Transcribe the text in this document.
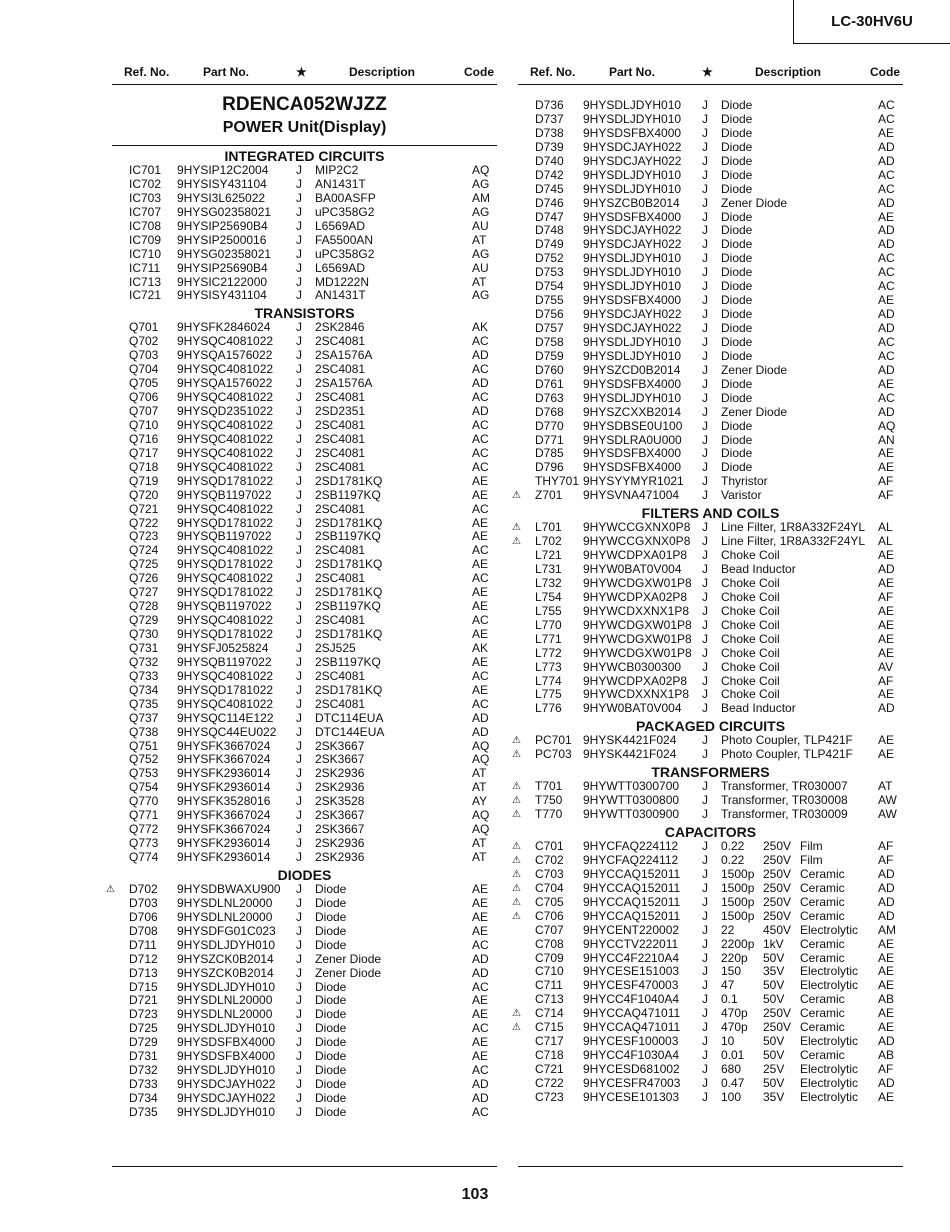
LC-30HV6U
Ref. No.	Part No.	★	Description	Code
RDENCA052WJZZ
POWER Unit(Display)
INTEGRATED CIRCUITS
IC701 9HYSIP12C2004 J MIP2C2	AQ
IC702 9HYSISY431104 J AN1431T	AG
IC703 9HYSI3L625022	J BA00ASFP	AM
IC707 9HYSG02358021 J uPC358G2	AG
IC708 9HYSIP25690B4 J L6569AD	AU
IC709 9HYSIP2500016 J FA5500AN	AT
IC710 9HYSG02358021 J uPC358G2	AG
IC711 9HYSIP25690B4 J L6569AD	AU
IC713 9HYSIC2122000 J MD1222N	AT
IC721 9HYSISY431104 J AN1431T	AG
TRANSISTORS
Q701 9HYSFK2846024 J 2SK2846	AK
Q702 9HYSQC4081022 J 2SC4081	AC
Q703 9HYSQA1576022 J 2SA1576A	AD
Q704 9HYSQC4081022 J 2SC4081	AC
Q705 9HYSQA1576022 J 2SA1576A	AD
Q706 9HYSQC4081022 J 2SC4081	AC
Q707 9HYSQD2351022 J 2SD2351	AD
Q710 9HYSQC4081022 J 2SC4081	AC
Q716 9HYSQC4081022 J 2SC4081	AC
Q717 9HYSQC4081022 J 2SC4081	AC
Q718 9HYSQC4081022 J 2SC4081	AC
Q719 9HYSQD1781022 J 2SD1781KQ	AE
Q720 9HYSQB1197022 J 2SB1197KQ	AE
Q721 9HYSQC4081022 J 2SC4081	AC
Q722 9HYSQD1781022 J 2SD1781KQ	AE
Q723 9HYSQB1197022 J 2SB1197KQ	AE
Q724 9HYSQC4081022 J 2SC4081	AC
Q725 9HYSQD1781022 J 2SD1781KQ	AE
Q726 9HYSQC4081022 J 2SC4081	AC
Q727 9HYSQD1781022 J 2SD1781KQ	AE
Q728 9HYSQB1197022 J 2SB1197KQ	AE
Q729 9HYSQC4081022 J 2SC4081	AC
Q730 9HYSQD1781022 J 2SD1781KQ	AE
Q731 9HYSFJ0525824 J 2SJ525	AK
Q732 9HYSQB1197022 J 2SB1197KQ	AE
Q733 9HYSQC4081022 J 2SC4081	AC
Q734 9HYSQD1781022 J 2SD1781KQ	AE
Q735 9HYSQC4081022 J 2SC4081	AC
Q737 9HYSQC114E122 J DTC114EUA	AD
Q738 9HYSQC44EU022 J DTC144EUA	AD
Q751 9HYSFK3667024 J 2SK3667	AQ
Q752 9HYSFK3667024 J 2SK3667	AQ
Q753 9HYSFK2936014 J 2SK2936	AT
Q754 9HYSFK2936014 J 2SK2936	AT
Q770 9HYSFK3528016 J 2SK3528	AY
Q771 9HYSFK3667024 J 2SK3667	AQ
Q772 9HYSFK3667024 J 2SK3667	AQ
Q773 9HYSFK2936014 J 2SK2936	AT
Q774 9HYSFK2936014 J 2SK2936	AT
DIODES
⚠ D702 9HYSDBWAXU900 J Diode	AE
D703 9HYSDLNL20000 J Diode	AE
D706 9HYSDLNL20000 J Diode	AE
D708 9HYSDFG01C023 J Diode	AE
D711 9HYSDLJDYH010 J Diode	AC
D712 9HYSZCK0B2014 J Zener Diode	AD
D713 9HYSZCK0B2014 J Zener Diode	AD
D715 9HYSDLJDYH010 J Diode	AC
D721 9HYSDLNL20000 J Diode	AE
D723 9HYSDLNL20000 J Diode	AE
D725 9HYSDLJDYH010 J Diode	AC
D729 9HYSDSFBX4000 J Diode	AE
D731 9HYSDSFBX4000 J Diode	AE
D732 9HYSDLJDYH010 J Diode	AC
D733 9HYSDCJAYH022 J Diode	AD
D734 9HYSDCJAYH022 J Diode	AD
D735 9HYSDLJDYH010 J Diode	AC
Ref. No.	Part No.	★	Description	Code
D736 9HYSDLJDYH010 J Diode	AC
D737 9HYSDLJDYH010 J Diode	AC
D738 9HYSDSFBX4000 J Diode	AE
D739 9HYSDCJAYH022 J Diode	AD
D740 9HYSDCJAYH022 J Diode	AD
D742 9HYSDLJDYH010 J Diode	AC
D745 9HYSDLJDYH010 J Diode	AC
D746 9HYSZCB0B2014 J Zener Diode	AD
D747 9HYSDSFBX4000 J Diode	AE
D748 9HYSDCJAYH022 J Diode	AD
D749 9HYSDCJAYH022 J Diode	AD
D752 9HYSDLJDYH010 J Diode	AC
D753 9HYSDLJDYH010 J Diode	AC
D754 9HYSDLJDYH010 J Diode	AC
D755 9HYSDSFBX4000 J Diode	AE
D756 9HYSDCJAYH022 J Diode	AD
D757 9HYSDCJAYH022 J Diode	AD
D758 9HYSDLJDYH010 J Diode	AC
D759 9HYSDLJDYH010 J Diode	AC
D760 9HYSZCD0B2014 J Zener Diode	AD
D761 9HYSDSFBX4000 J Diode	AE
D763 9HYSDLJDYH010 J Diode	AC
D768 9HYSZCXXB2014 J Zener Diode	AD
D770 9HYSDBSE0U100 J Diode	AQ
D771 9HYSDLRA0U000 J Diode	AN
D785 9HYSDSFBX4000 J Diode	AE
D796 9HYSDSFBX4000 J Diode	AE
THY701 9HYSYYMYR1021 J Thyristor	AF
⚠ Z701 9HYSVNA471004 J Varistor	AF
FILTERS AND COILS
⚠ L701 9HYWCCGXNX0P8 J Line Filter, 1R8A332F24YL AL
⚠ L702 9HYWCCGXNX0P8 J Line Filter, 1R8A332F24YL AL
L721 9HYWCDPXA01P8 J Choke Coil	AE
L731 9HYW0BAT0V004 J Bead Inductor	AD
L732 9HYWCDGXW01P8 J Choke Coil	AE
L754 9HYWCDPXA02P8 J Choke Coil	AF
L755 9HYWCDXXNX1P8 J Choke Coil	AE
L770 9HYWCDGXW01P8 J Choke Coil	AE
L771 9HYWCDGXW01P8 J Choke Coil	AE
L772 9HYWCDGXW01P8 J Choke Coil	AE
L773 9HYWCB0300300 J Choke Coil	AV
L774 9HYWCDPXA02P8 J Choke Coil	AF
L775 9HYWCDXXNX1P8 J Choke Coil	AE
L776 9HYW0BAT0V004 J Bead Inductor	AD
PACKAGED CIRCUITS
⚠ PC701 9HYSK4421F024 J Photo Coupler, TLP421F AE
⚠ PC703 9HYSK4421F024 J Photo Coupler, TLP421F AE
TRANSFORMERS
⚠ T701 9HYWTT0300700 J Transformer, TR030007	AT
⚠ T750 9HYWTT0300800 J Transformer, TR030008	AW
⚠ T770 9HYWTT0300900 J Transformer, TR030009	AW
CAPACITORS
⚠ C701 9HYCFAQ224112 J 0.22 250V Film	AF
⚠ C702 9HYCFAQ224112 J 0.22 250V Film	AF
⚠ C703 9HYCCAQ152011 J 1500p 250V Ceramic	AD
⚠ C704 9HYCCAQ152011 J 1500p 250V Ceramic	AD
⚠ C705 9HYCCAQ152011 J 1500p 250V Ceramic	AD
⚠ C706 9HYCCAQ152011 J 1500p 250V Ceramic	AD
C707 9HYCENT220002 J 22 450V Electrolytic AM
C708 9HYCCTV222011 J 2200p 1kV Ceramic	AE
C709 9HYCC4F2210A4 J 220p 50V Ceramic	AE
C710 9HYCESE151003 J 150 35V Electrolytic AE
C711 9HYCESF470003 J 47 50V Electrolytic AE
C713 9HYCC4F1040A4 J 0.1 50V Ceramic	AB
⚠ C714 9HYCCAQ471011 J 470p 250V Ceramic	AE
⚠ C715 9HYCCAQ471011 J 470p 250V Ceramic	AE
C717 9HYCESF100003 J 10 50V Electrolytic AD
C718 9HYCC4F1030A4 J 0.01 50V Ceramic	AB
C721 9HYCESD681002 J 680 25V Electrolytic AF
C722 9HYCESFR47003 J 0.47 50V Electrolytic AD
C723 9HYCESE101303 J 100 35V Electrolytic AE
103
